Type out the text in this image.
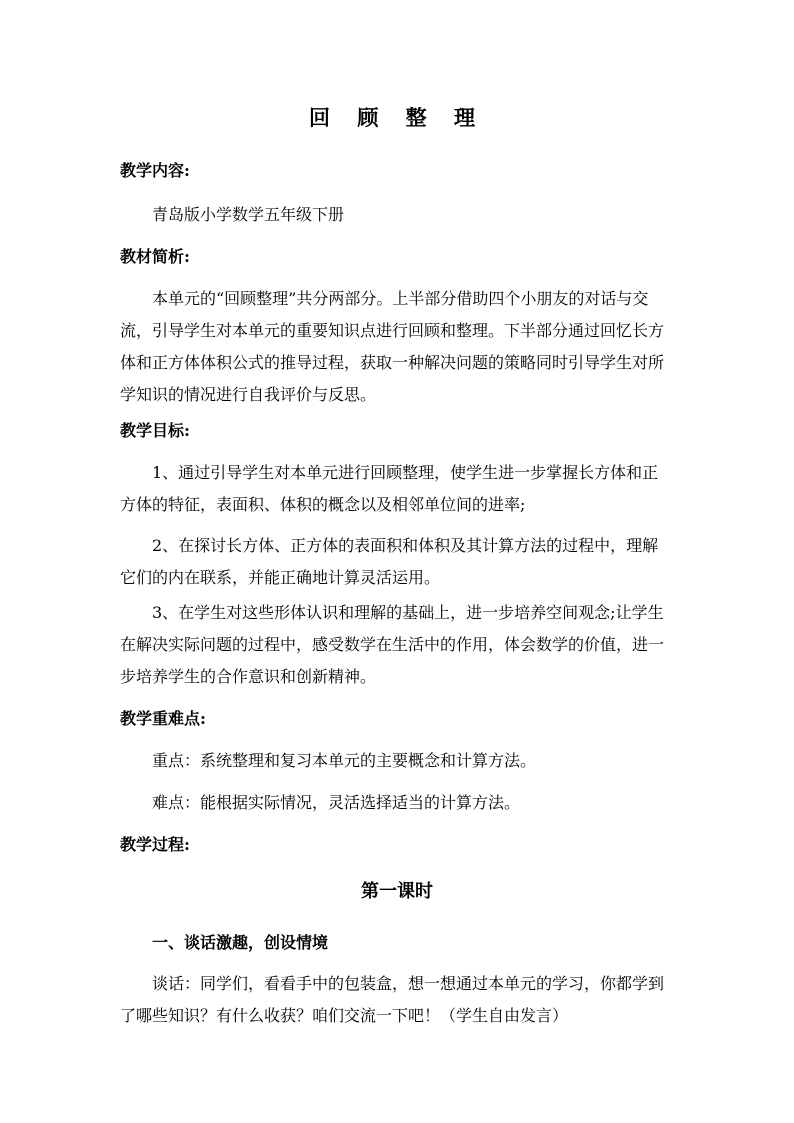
回 顾 整 理
教学内容:
青岛版小学数学五年级下册
教材简析:

本单元的“回顾整理”共分两部分。上半部分借助四个小朋友的对话与交流，引导学生对本单元的重要知识点进行回顾和整理。下半部分通过回忆长方体和正方体体积公式的推导过程，获取一种解决问题的策略同时引导学生对所学知识的情况进行自我评价与反思。

教学目标:

1、通过引导学生对本单元进行回顾整理，使学生进一步掌握长方体和正方体的特征，表面积、体积的概念以及相邻单位间的进率;

2、在探讨长方体、正方体的表面积和体积及其计算方法的过程中，理解它们的内在联系，并能正确地计算灵活运用。

3、在学生对这些形体认识和理解的基础上，进一步培养空间观念;让学生在解决实际问题的过程中，感受数学在生活中的作用，体会数学的价值，进一步培养学生的合作意识和创新精神。

教学重难点:
重点：系统整理和复习本单元的主要概念和计算方法。
难点：能根据实际情况，灵活选择适当的计算方法。
教学过程:
第一课时
一、谈话激趣，创设情境

谈话：同学们，看看手中的包装盒，想一想通过本单元的学习，你都学到了哪些知识？有什么收获？咱们交流一下吧！（学生自由发言）
